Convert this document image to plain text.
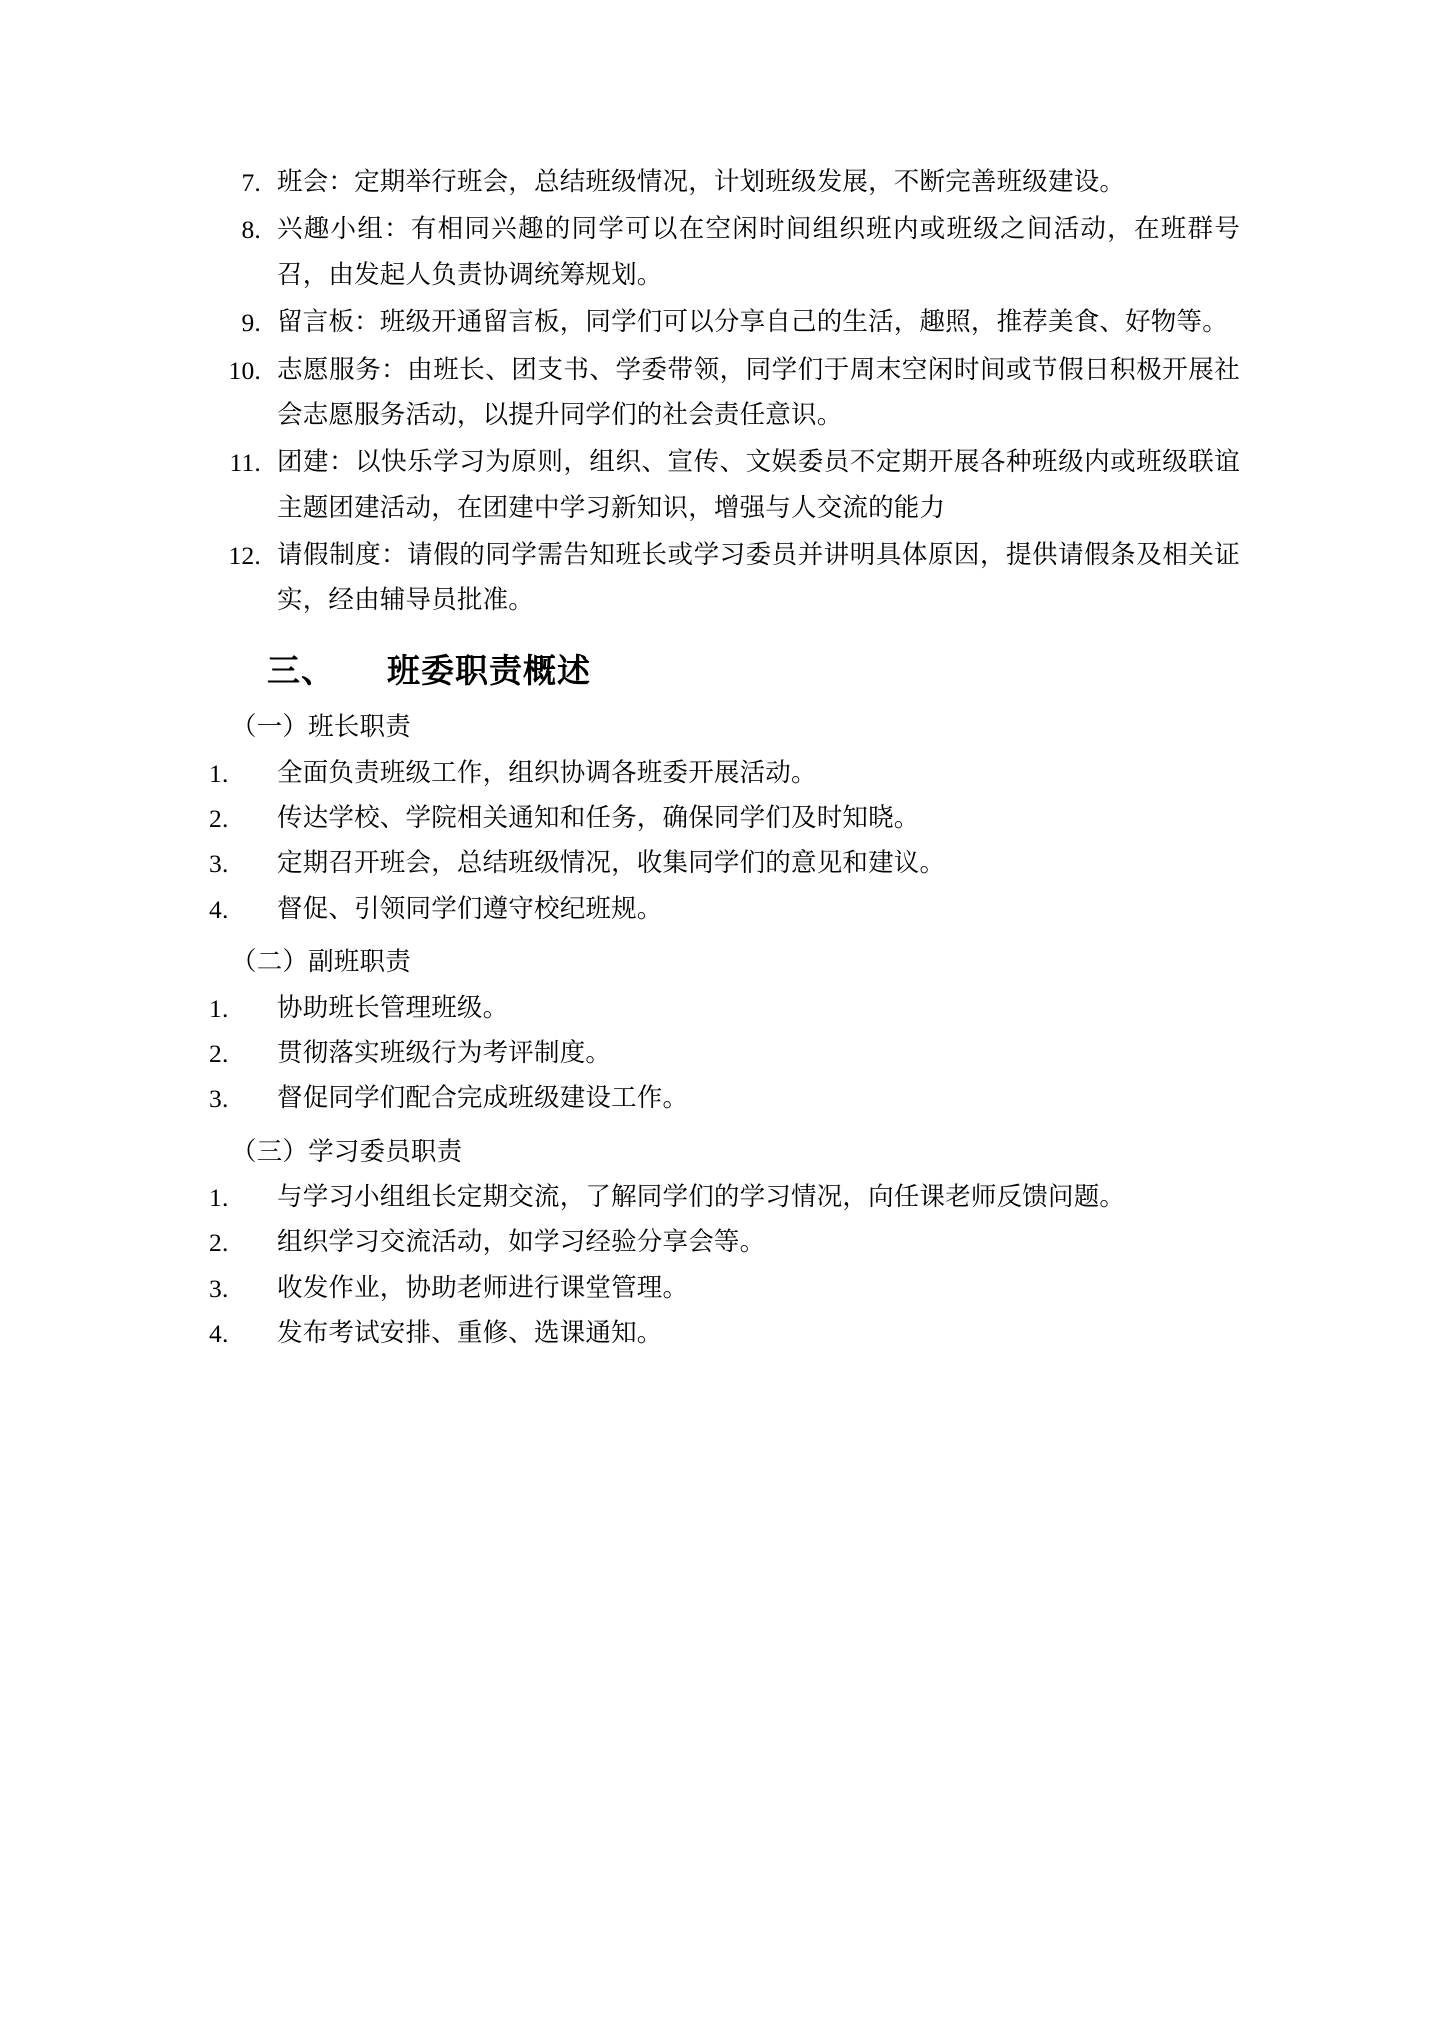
7. 班会：定期举行班会，总结班级情况，计划班级发展，不断完善班级建设。
8. 兴趣小组：有相同兴趣的同学可以在空闲时间组织班内或班级之间活动，在班群号召，由发起人负责协调统筹规划。
9. 留言板：班级开通留言板，同学们可以分享自己的生活，趣照，推荐美食、好物等。
10. 志愿服务：由班长、团支书、学委带领，同学们于周末空闲时间或节假日积极开展社会志愿服务活动，以提升同学们的社会责任意识。
11. 团建：以快乐学习为原则，组织、宣传、文娱委员不定期开展各种班级内或班级联谊主题团建活动，在团建中学习新知识，增强与人交流的能力
12. 请假制度：请假的同学需告知班长或学习委员并讲明具体原因，提供请假条及相关证实，经由辅导员批准。
三、 班委职责概述
（一）班长职责
1.	全面负责班级工作，组织协调各班委开展活动。
2.	传达学校、学院相关通知和任务，确保同学们及时知晓。
3.	定期召开班会，总结班级情况，收集同学们的意见和建议。
4.	督促、引领同学们遵守校纪班规。
（二）副班职责
1.	协助班长管理班级。
2.	贯彻落实班级行为考评制度。
3.	督促同学们配合完成班级建设工作。
（三）学习委员职责
1.	与学习小组组长定期交流，了解同学们的学习情况，向任课老师反馈问题。
2.	组织学习交流活动，如学习经验分享会等。
3.	收发作业，协助老师进行课堂管理。
4.	发布考试安排、重修、选课通知。
